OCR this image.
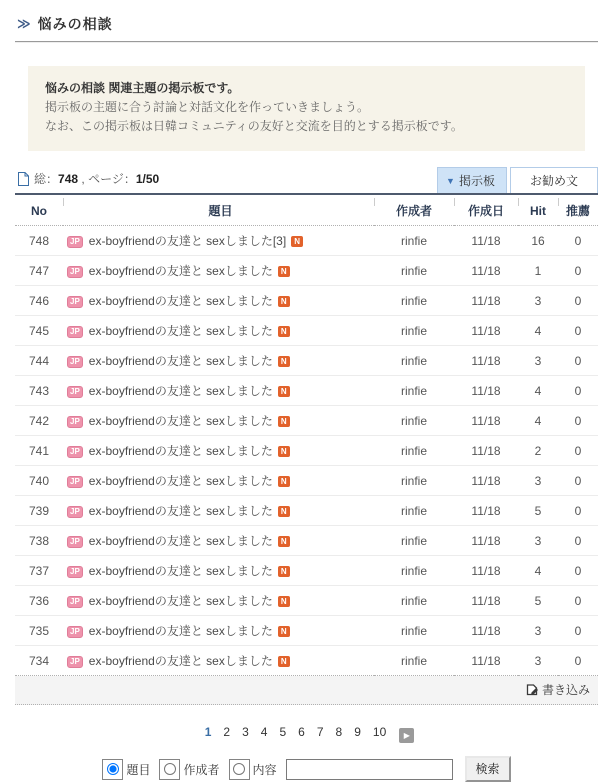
≫ 悩みの相談
悩みの相談 関連主題の掲示板です。
掲示板の主題に合う討論と対話文化を作っていきましょう。
なお、この掲示板は日韓コミュニティの友好と交流を目的とする掲示板です。
総：748 , ページ：1/50	▼ 掲示板	お勧め文
No	題目	作成者	作成日	Hit	推薦
748	JP ex-boyfriendの友達と sexしました[3] N	rinfie	11/18	16	0
747	JP ex-boyfriendの友達と sexしました N	rinfie	11/18	1	0
746	JP ex-boyfriendの友達と sexしました N	rinfie	11/18	3	0
745	JP ex-boyfriendの友達と sexしました N	rinfie	11/18	4	0
744	JP ex-boyfriendの友達と sexしました N	rinfie	11/18	3	0
743	JP ex-boyfriendの友達と sexしました N	rinfie	11/18	4	0
742	JP ex-boyfriendの友達と sexしました N	rinfie	11/18	4	0
741	JP ex-boyfriendの友達と sexしました N	rinfie	11/18	2	0
740	JP ex-boyfriendの友達と sexしました N	rinfie	11/18	3	0
739	JP ex-boyfriendの友達と sexしました N	rinfie	11/18	5	0
738	JP ex-boyfriendの友達と sexしました N	rinfie	11/18	3	0
737	JP ex-boyfriendの友達と sexしました N	rinfie	11/18	4	0
736	JP ex-boyfriendの友達と sexしました N	rinfie	11/18	5	0
735	JP ex-boyfriendの友達と sexしました N	rinfie	11/18	3	0
734	JP ex-boyfriendの友達と sexしました N	rinfie	11/18	3	0
書き込み
1 2 3 4 5 6 7 8 9 10 ▶
題目	作成者	内容	検索
